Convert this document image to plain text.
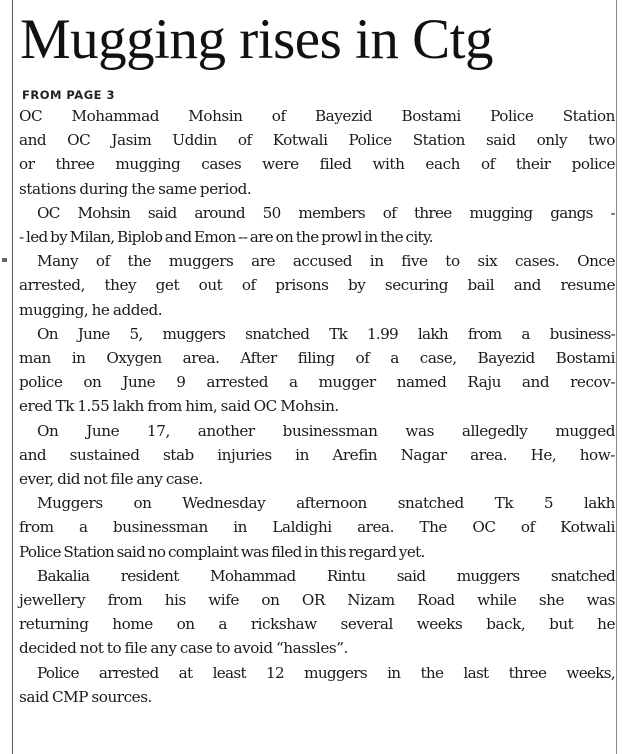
Mugging rises in Ctg
FROM PAGE 3

OC Mohammad Mohsin of Bayezid Bostami Police Station
and OC Jasim Uddin of Kotwali Police Station said only two
or three mugging cases were filed with each of their police
stations during the same period.

OC Mohsin said around 50 members of three mugging gangs -
- led by Milan, Biplob and Emon -- are on the prowl in the city.

Many of the muggers are accused in five to six cases. Once
arrested, they get out of prisons by securing bail and resume
mugging, he added.

On June 5, muggers snatched Tk 1.99 lakh from a business-
man in Oxygen area. After filing of a case, Bayezid Bostami
police on June 9 arrested a mugger named Raju and recov-
ered Tk 1.55 lakh from him, said OC Mohsin.

On June 17, another businessman was allegedly mugged
and sustained stab injuries in Arefin Nagar area. He, how-
ever, did not file any case.

Muggers on Wednesday afternoon snatched Tk 5 lakh
from a businessman in Laldighi area. The OC of Kotwali
Police Station said no complaint was filed in this regard yet.

Bakalia resident Mohammad Rintu said muggers snatched
jewellery from his wife on OR Nizam Road while she was
returning home on a rickshaw several weeks back, but he
decided not to file any case to avoid “hassles”.

Police arrested at least 12 muggers in the last three weeks,
said CMP sources.
